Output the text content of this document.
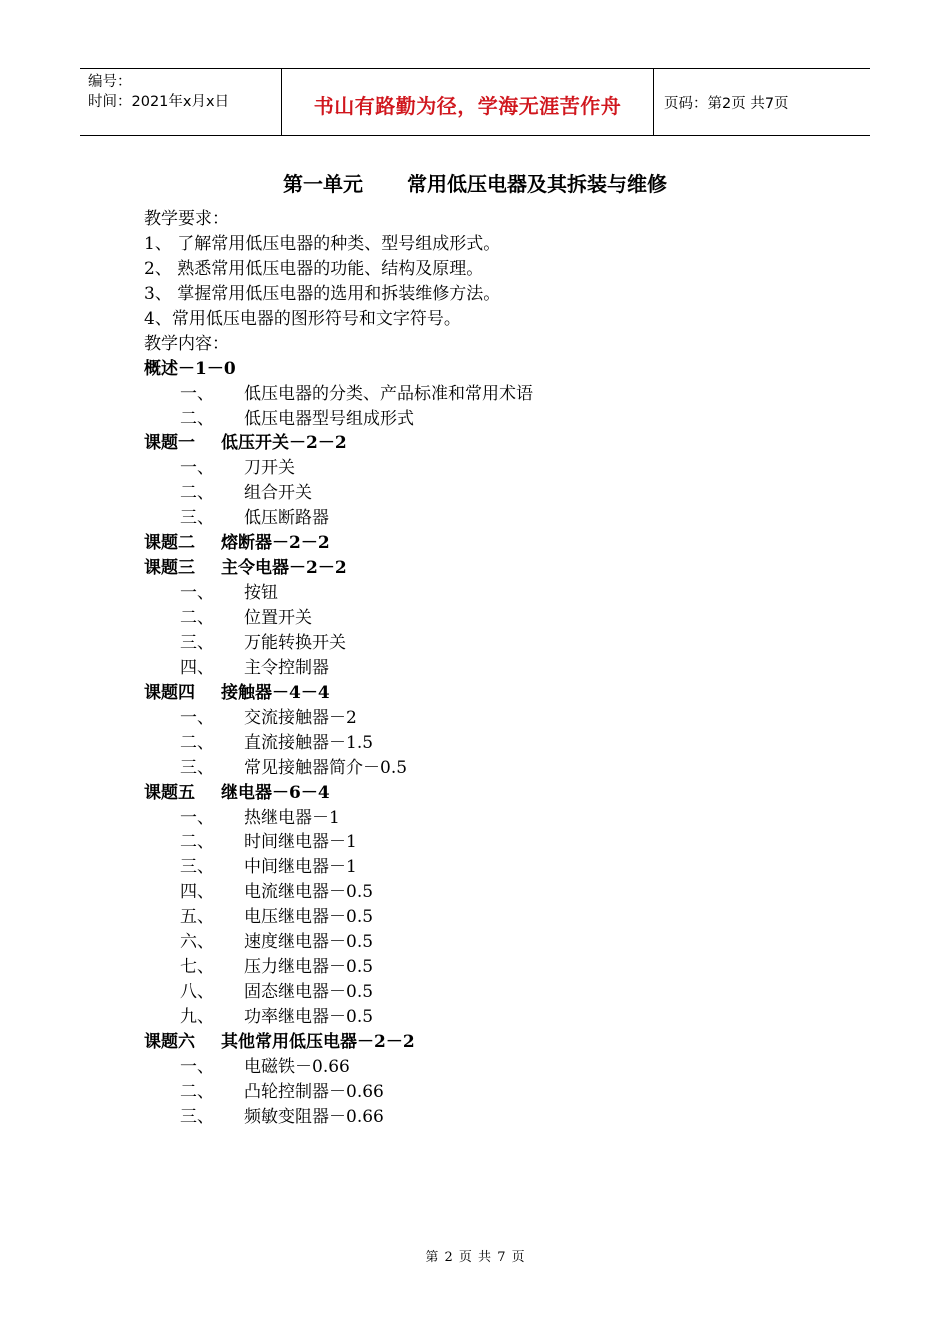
编号：
时间：2021年x月x日	书山有路勤为径，学海无涯苦作舟	页码：第2页 共7页
第一单元 常用低压电器及其拆装与维修
教学要求：
1、 了解常用低压电器的种类、型号组成形式。
2、 熟悉常用低压电器的功能、结构及原理。
3、 掌握常用低压电器的选用和拆装维修方法。
4、常用低压电器的图形符号和文字符号。
教学内容：
概述－1－0
一、 低压电器的分类、产品标准和常用术语
二、 低压电器型号组成形式
课题一 低压开关－2－2
一、 刀开关
二、 组合开关
三、 低压断路器
课题二 熔断器－2－2
课题三 主令电器－2－2
一、 按钮
二、 位置开关
三、 万能转换开关
四、 主令控制器
课题四 接触器－4－4
一、 交流接触器－2
二、 直流接触器－1.5
三、 常见接触器简介－0.5
课题五 继电器－6－4
一、 热继电器－1
二、 时间继电器－1
三、 中间继电器－1
四、 电流继电器－0.5
五、 电压继电器－0.5
六、 速度继电器－0.5
七、 压力继电器－0.5
八、 固态继电器－0.5
九、 功率继电器－0.5
课题六 其他常用低压电器－2－2
一、 电磁铁－0.66
二、 凸轮控制器－0.66
三、 频敏变阻器－0.66
第 2 页 共 7 页
